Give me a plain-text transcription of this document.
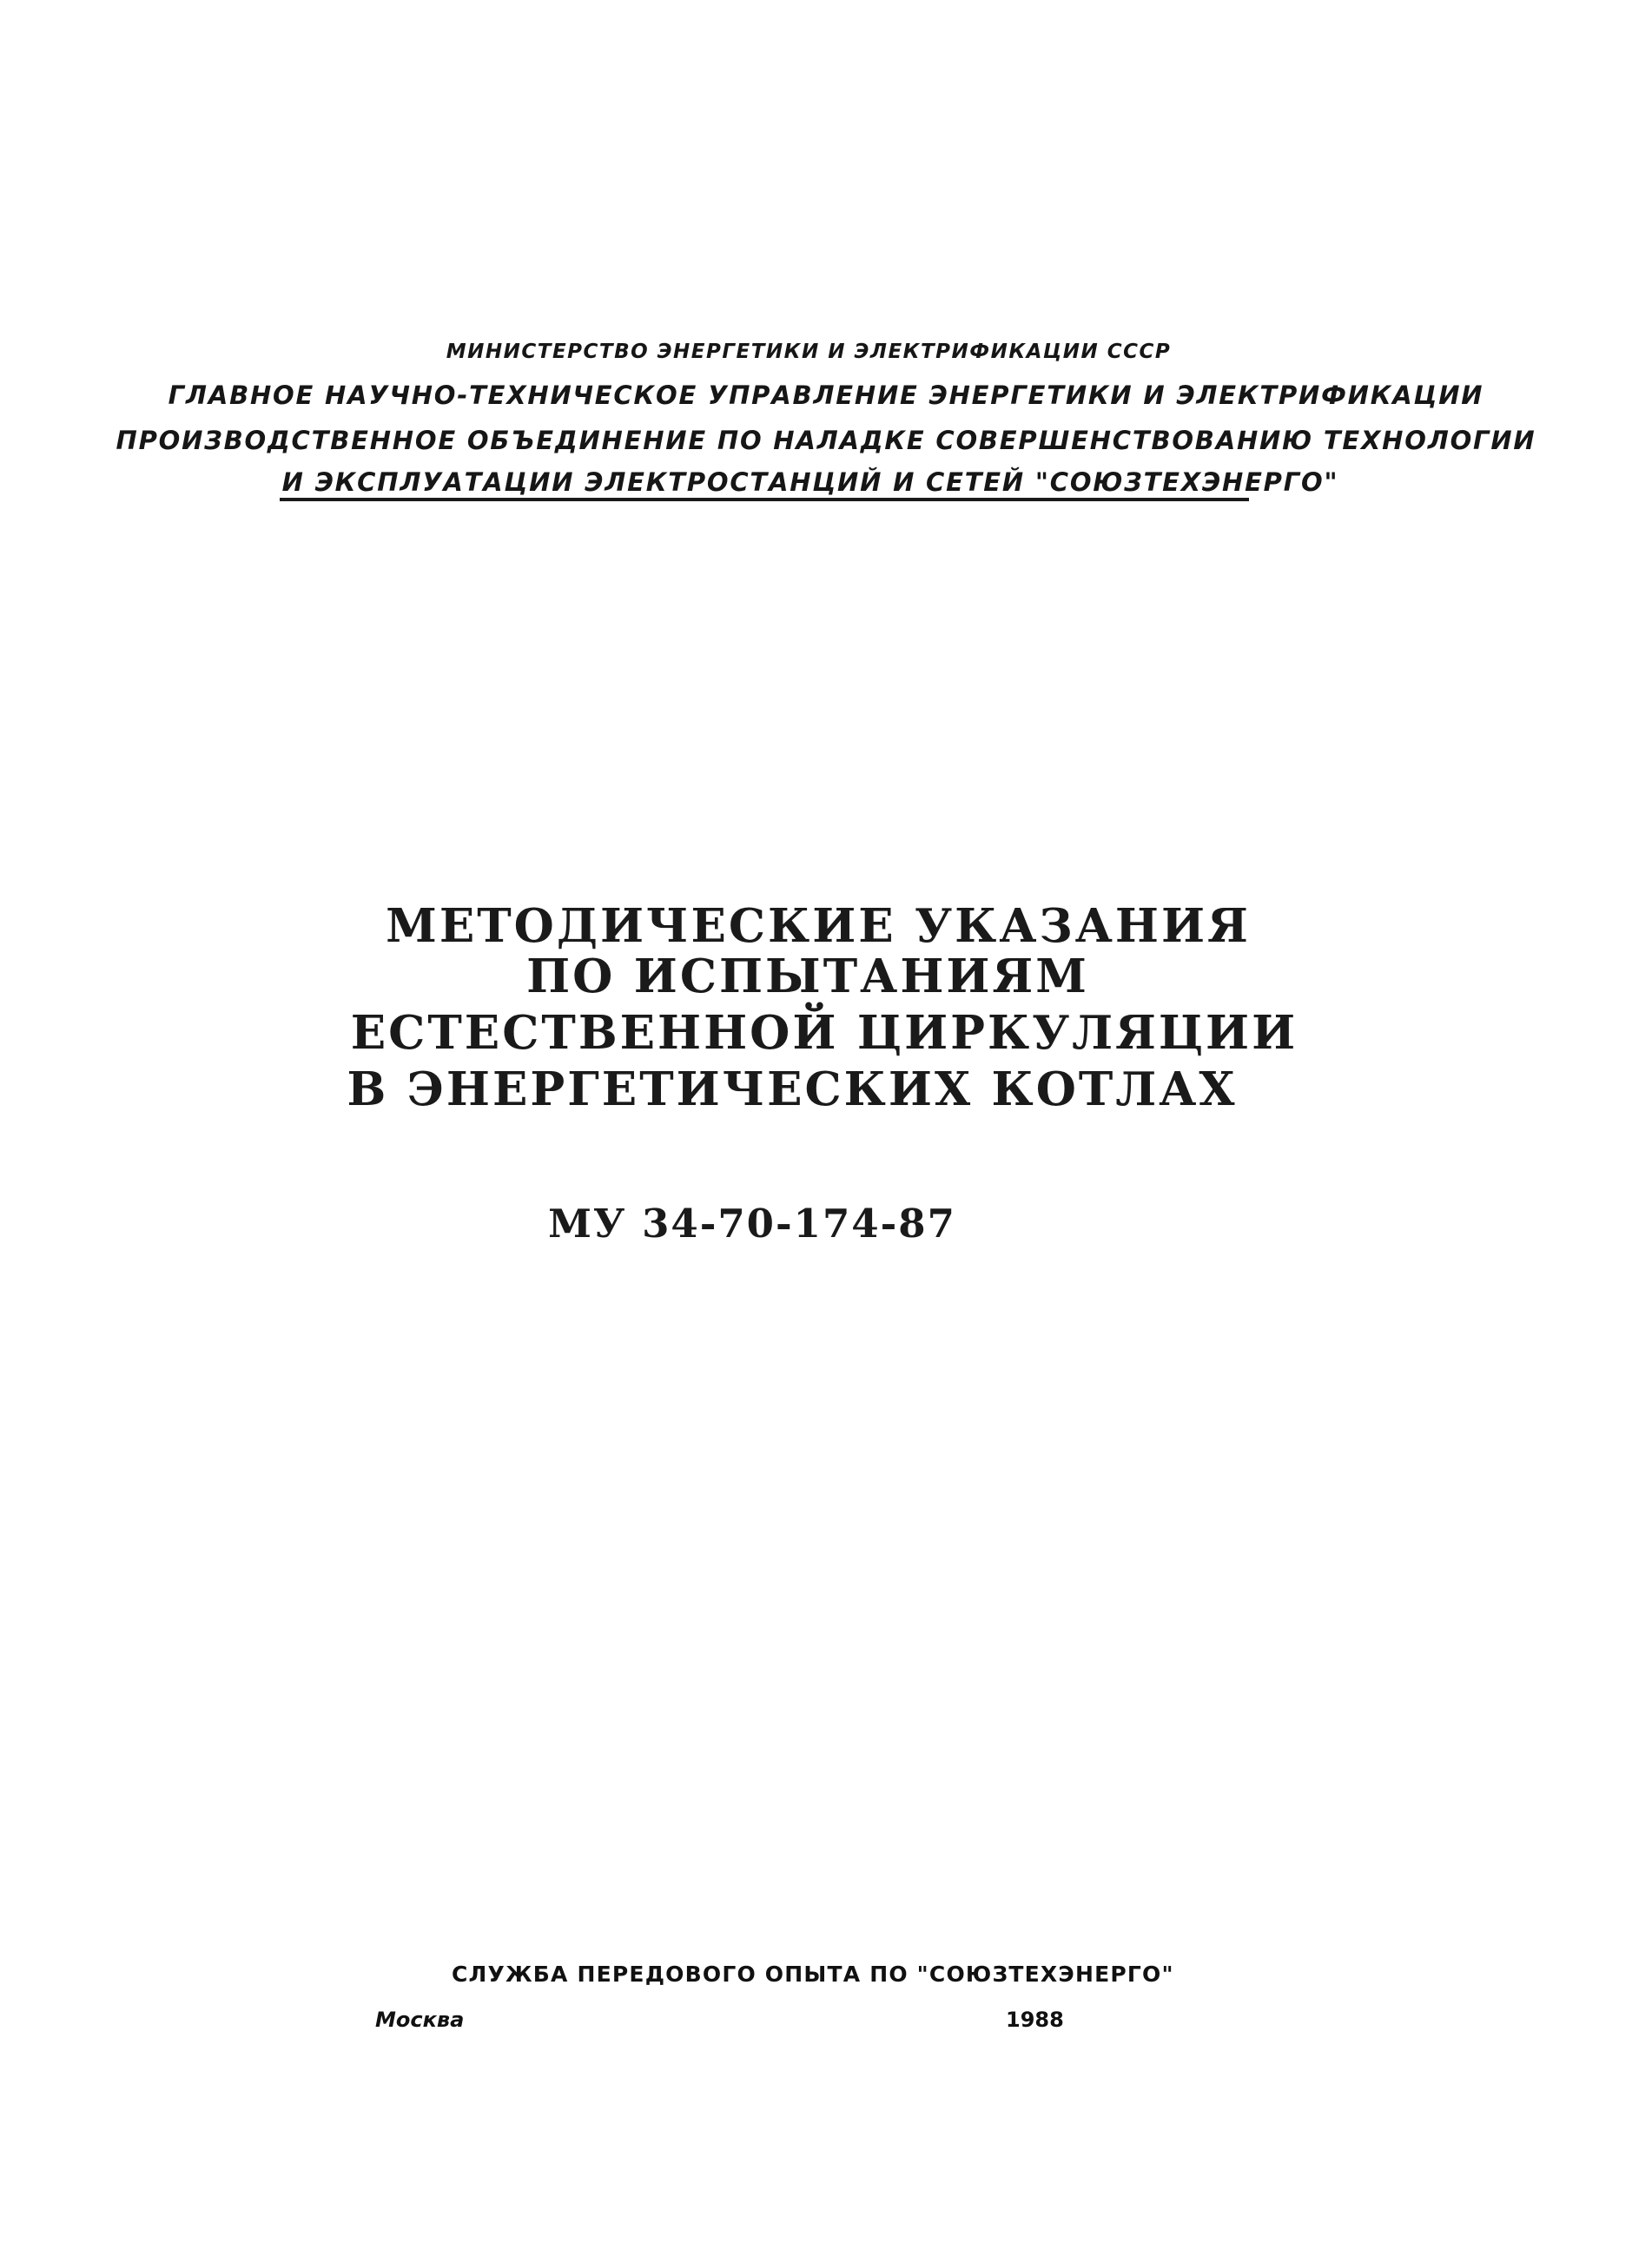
МИНИСТЕРСТВО ЭНЕРГЕТИКИ И ЭЛЕКТРИФИКАЦИИ СССР
ГЛАВНОЕ НАУЧНО-ТЕХНИЧЕСКОЕ УПРАВЛЕНИЕ ЭНЕРГЕТИКИ И ЭЛЕКТРИФИКАЦИИ
ПРОИЗВОДСТВЕННОЕ ОБЪЕДИНЕНИЕ ПО НАЛАДКЕ СОВЕРШЕНСТВОВАНИЮ ТЕХНОЛОГИИ
И ЭКСПЛУАТАЦИИ ЭЛЕКТРОСТАНЦИЙ И СЕТЕЙ "СОЮЗТЕХЭНЕРГО"
МЕТОДИЧЕСКИЕ УКАЗАНИЯ
ПО ИСПЫТАНИЯМ
ЕСТЕСТВЕННОЙ ЦИРКУЛЯЦИИ
В ЭНЕРГЕТИЧЕСКИХ КОТЛАХ
МУ 34-70-174-87
СЛУЖБА ПЕРЕДОВОГО ОПЫТА ПО "СОЮЗТЕХЭНЕРГО"
Москва	1988
